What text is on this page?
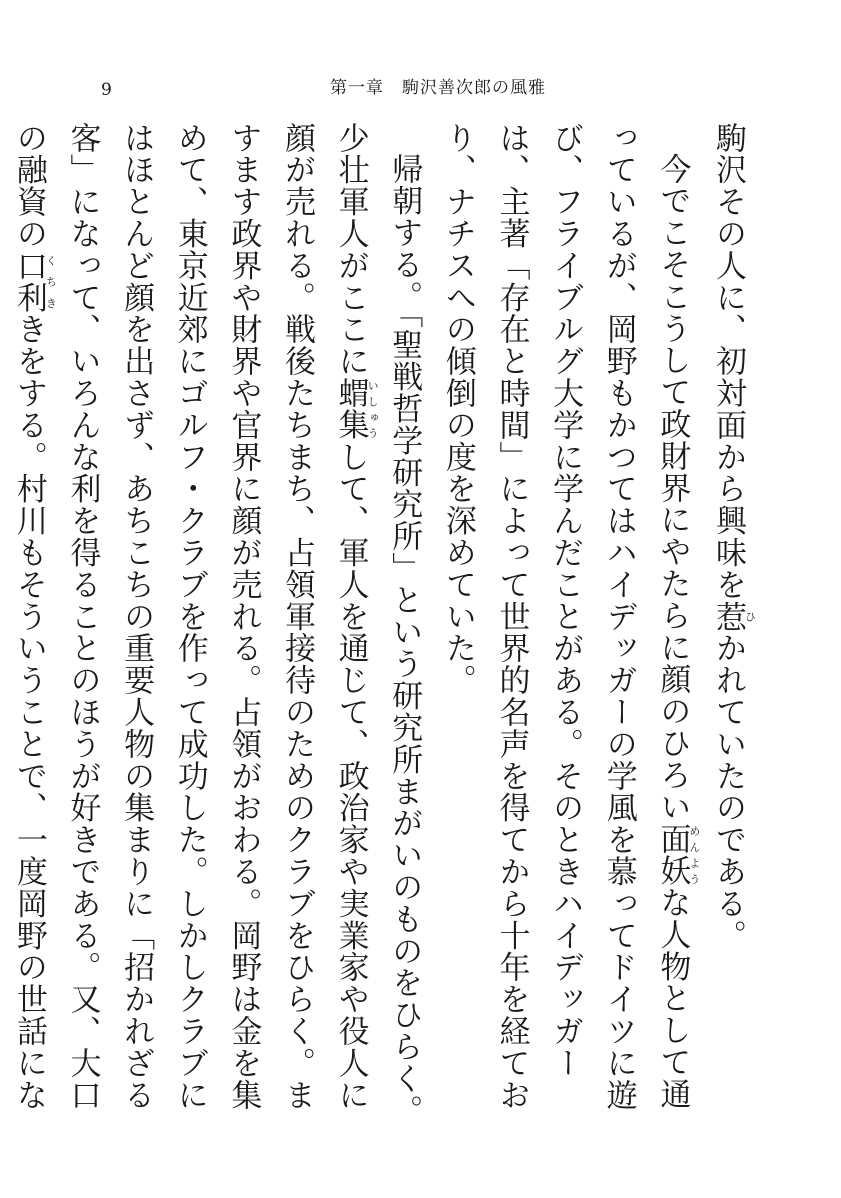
9	第一章　駒沢善次郎の風雅

駒沢その人に、初対面から興味を惹ひかれていたのである。

今でこそこうして政財界にやたらに顔のひろい面妖めんような人物として通っているが、岡野もかつてはハイデッガーの学風を慕ってドイツに遊び、フライブルグ大学に学んだことがある。そのときハイデッガーは、主著「存在と時間」によって世界的名声を得てから十年を経ており、ナチスへの傾倒の度を深めていた。

帰朝する。「聖戦哲学研究所」という研究所まがいのものをひらく。少壮軍人がここに蝟集いしゅうして、軍人を通じて、政治家や実業家や役人に顔が売れる。戦後たちまち、占領軍接待のためのクラブをひらく。ますます政界や財界や官界に顔が売れる。占領がおわる。岡野は金を集めて、東京近郊にゴルフ・クラブを作って成功した。しかしクラブにはほとんど顔を出さず、あちこちの重要人物の集まりに「招かれざる客」になって、いろんな利を得ることのほうが好きである。又、大口の融資の口利くちききをする。村川もそういうことで、一度岡野の世話にな
